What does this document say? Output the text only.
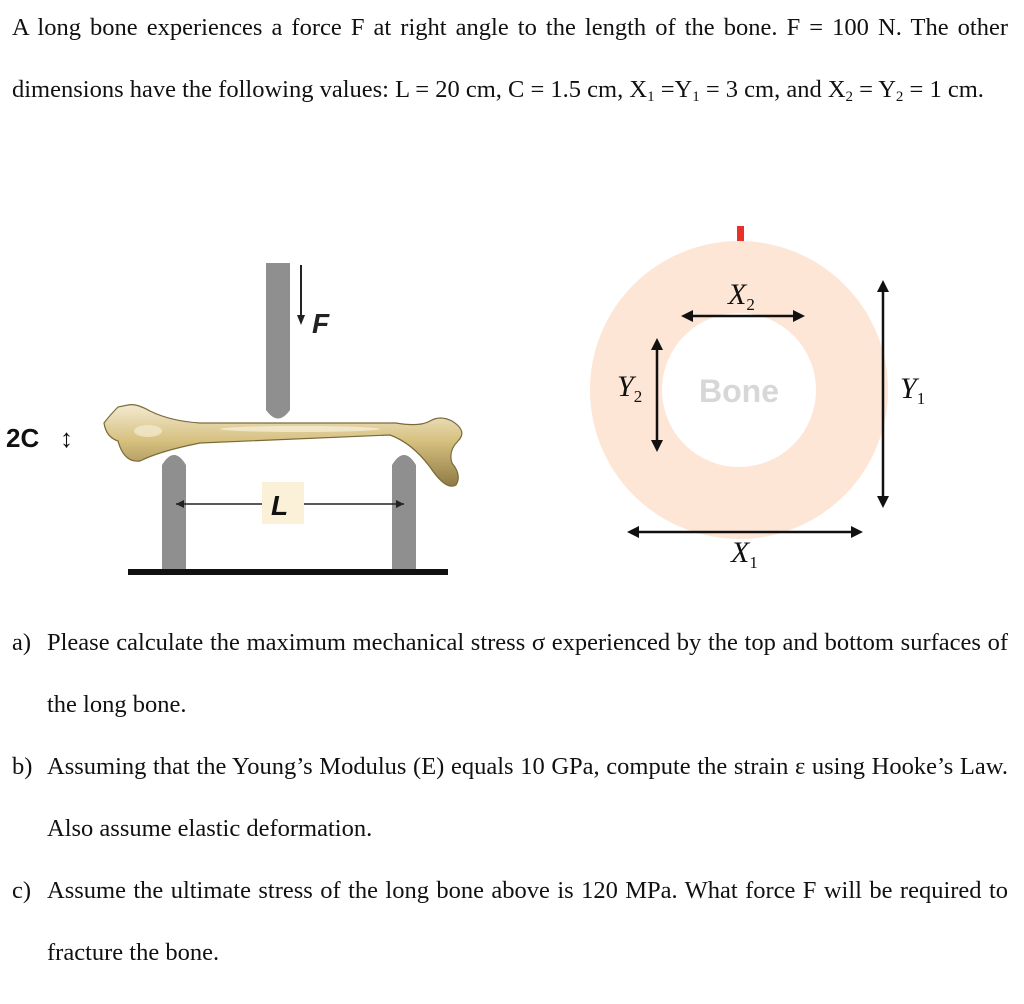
A long bone experiences a force F at right angle to the length of the bone. F = 100 N. The other dimensions have the following values: L = 20 cm, C = 1.5 cm, $X_1 =Y_1 = 3$ cm, and $X_2 = Y_2 = 1$ cm.

F
2C ↕
L
F
Bone
$X_2$
$Y_2$	$Y_1$
$X_1$
a) Please calculate the maximum mechanical stress σ experienced by the top and bottom surfaces of the long bone.
b) Assuming that the Young’s Modulus (E) equals 10 GPa, compute the strain ε using Hooke’s Law. Also assume elastic deformation.
c) Assume the ultimate stress of the long bone above is 120 MPa. What force F will be required to fracture the bone.
